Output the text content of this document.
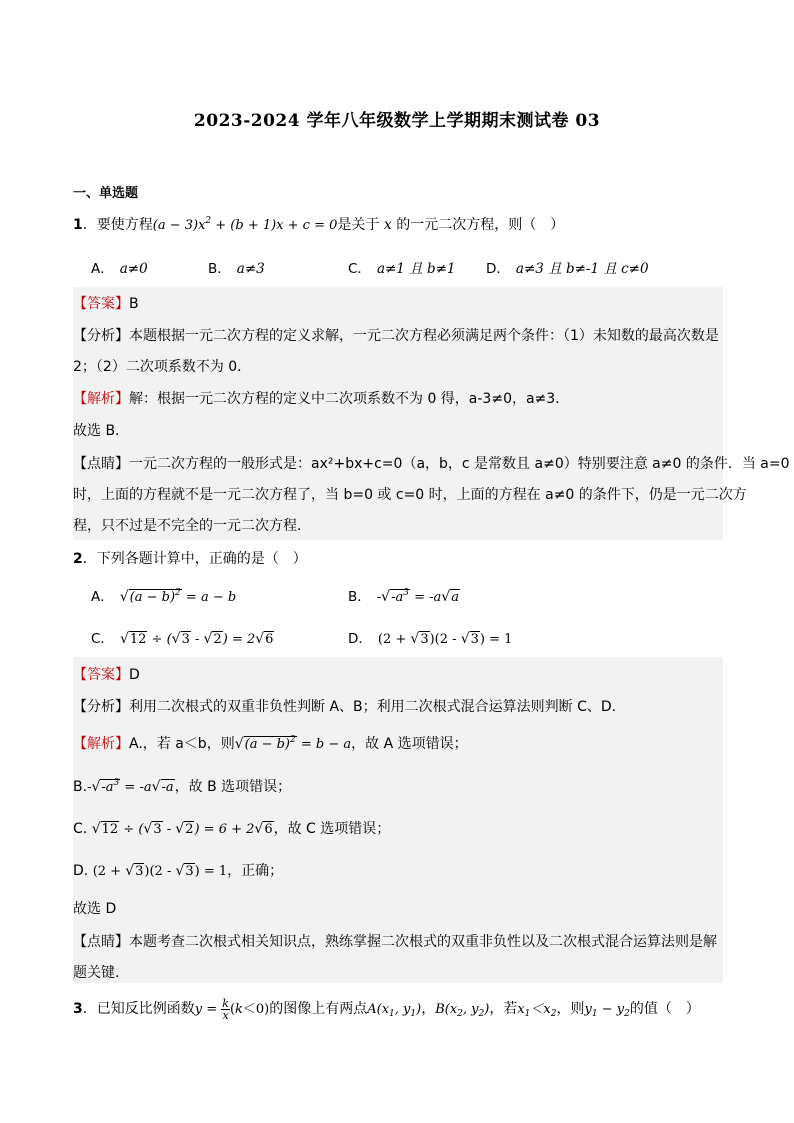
2023-2024 学年八年级数学上学期期末测试卷 03
一、单选题
1．要使方程$(a - 3)x^2 + (b + 1)x + c = 0$是关于 x 的一元二次方程，则（　）
A． a≠0	B． a≠3	C． a≠1 且 b≠1 D． a≠3 且 b≠-1 且 c≠0
【答案】B
【分析】本题根据一元二次方程的定义求解，一元二次方程必须满足两个条件：（1）未知数的最高次数是
2；（2）二次项系数不为 0．
【解析】解：根据一元二次方程的定义中二次项系数不为 0 得，a-3≠0，a≠3．
故选 B．
【点睛】一元二次方程的一般形式是：ax²+bx+c=0（a，b，c 是常数且 a≠0）特别要注意 a≠0 的条件．当 a=0
时，上面的方程就不是一元二次方程了，当 b=0 或 c=0 时，上面的方程在 a≠0 的条件下，仍是一元二次方
程，只不过是不完全的一元二次方程．
2．下列各题计算中，正确的是（　）
A． $√(a - b)^2 = a - b$	B． $-√-a^3 = -a√a$
C． √12 ÷ (√3 - √2) = 2√6	D． (2 + √3)(2 - √3) = 1
【答案】D
【分析】利用二次根式的双重非负性判断 A、B；利用二次根式混合运算法则判断 C、D.
【解析】A.，若 a＜b，则$√(a - b)^2 = b - a$，故 A 选项错误；
$B.-√-a^3 = -a√-a$，故 B 选项错误；
C. √12 ÷ (√3 - √2) = 6 + 2√6，故 C 选项错误；
D. (2 + √3)(2 - √3) = 1，正确；
故选 D
【点睛】本题考查二次根式相关知识点，熟练掌握二次根式的双重非负性以及二次根式混合运算法则是解
题关键.
3．已知反比例函数$y = \frac{k}{x} (k<0)$的图像上有两点$A(x_1$, $y_1$)，$B(x_2$, $y_2$)，若$x_1<x_2$，则$y_1 - y_2$的值（　）
